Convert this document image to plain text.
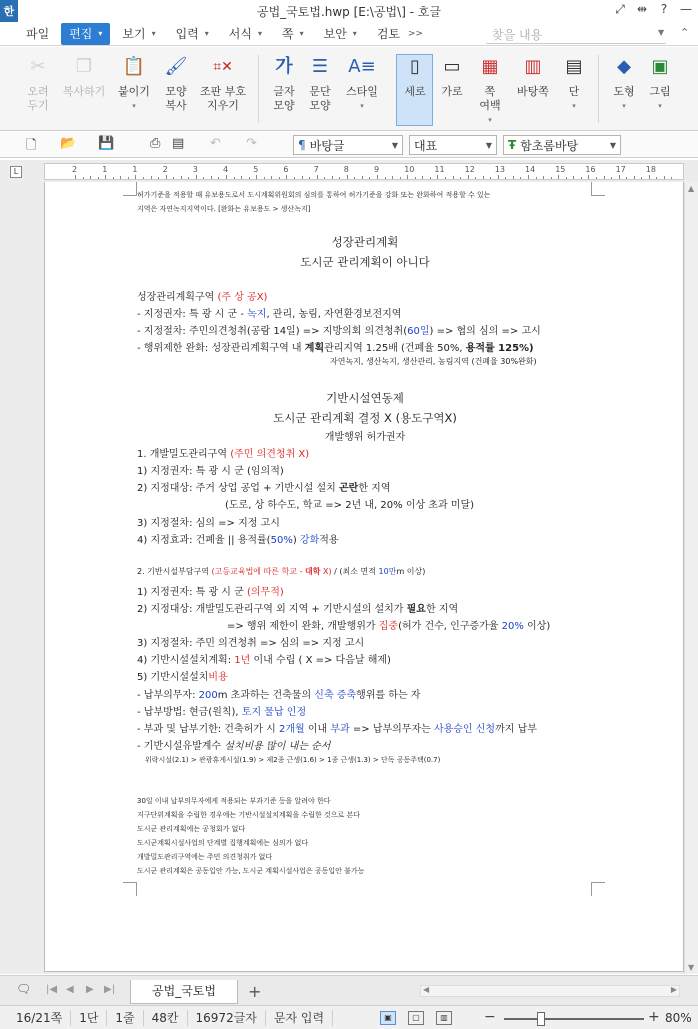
한	공법_국토법.hwp [E:\공법\] - 호글	⤢ ⇹ ? —
파일 편집 ▾ 보기 ▾ 입력 ▾ 서식 ▾ 쪽 ▾ 보안 ▾ 검토 >>	찾을 내용	▼ ⌃
✂
오려
두기
❐
복사하기
📋
붙이기
▾
🖌
모양
복사
⌗✕
조판 부호
지우기
가
글자
모양
☰
문단
모양
A≡
스타일
▾
▯
세로
▭
가로
▦
쪽
여백
▾
▥
바탕쪽
▤
단
▾
◆
도형
▾
▣
그림
▾
🗋 📂 💾	⎙ ▤ ↶ ↷	¶ 바탕글	▼ 대표	▼ Ŧ 함초롬바탕	▼
L	2	1	1	2	3	4	5	6	7	8	9	10	11	12	13	14	15	16	17	18
허가기준을 적용할 때 유보용도로서 도시계획위원회의 심의를 통하여 허가기준을 강화 또는 완화하여 적용할 수 있는
지역은 자연녹지지역이다. [완화는 유보용도 > 생산녹지]
성장관리계획
도시군 관리계획이 아니다
성장관리계획구역 (주 상 공X)
- 지정권자: 특 광 시 군 - 녹지, 관리, 농림, 자연환경보전지역
- 지정절차: 주민의견청취(공람 14일) => 지방의회 의견청취(60일) => 협의 심의 => 고시
- 행위제한 완화: 성장관리계획구역 내 계획관리지역 1.25배 (건폐율 50%, 용적률 125%)
자연녹지, 생산녹지, 생산관리, 농림지역 (건폐율 30%완화)
기반시설연동제
도시군 관리계획 결정 X (용도구역X)
개발행위 허가권자
1. 개발밀도관리구역 (주민 의견청취 X)
1) 지정권자: 특 광 시 군 (임의적)
2) 지정대상: 주거 상업 공업 + 기반시설 설치 곤란한 지역
(도로, 상 하수도, 학교 => 2년 내, 20% 이상 초과 미달)
3) 지정절차: 심의 => 지정 고시
4) 지정효과: 건폐율 || 용적률(50%) 강화적용
2. 기반시설부담구역 (고등교육법에 따른 학교 - 대학 X) / (최소 면적 10만m 이상)
1) 지정권자: 특 광 시 군 (의무적)
2) 지정대상: 개발밀도관리구역 외 지역 + 기반시설의 설치가 필요한 지역
=> 행위 제한이 완화, 개발행위가 집중(허가 건수, 인구증가율 20% 이상)
3) 지정절차: 주민 의견청취 => 심의 => 지정 고시
4) 기반시설설치계획: 1년 이내 수립 ( X => 다음날 해제)
5) 기반시설설치비용
- 납부의무자: 200m 초과하는 건축물의 신축 증축행위를 하는 자
- 납부방법: 현금(원칙), 토지 물납 인정
- 부과 및 납부기한: 건축허가 시 2개월 이내 부과 => 납부의무자는 사용승인 신청까지 납부
- 기반시설유발계수 설치비용 많이 내는 순서
위락시설(2.1) > 관광휴게시설(1.9) > 제2종 근생(1.6) > 1종 근생(1.3) > 단독 공동주택(0.7)
30일 이내 납부의무자에게 적용되는 부과기준 등을 알려야 한다
지구단위계획을 수립한 경우에는 기반시설설치계획을 수립한 것으로 본다
도시군 관리계획에는 공청회가 없다
도시군계획시설사업의 단계별 집행계획에는 심의가 없다
개발밀도관리구역에는 주민 의견청취가 없다
도시군 관리계획은 공동입안 가능, 도시군 계획시설사업은 공동입안 불가능
▲
▼
🗨 |◀ ◀ ▶ ▶|	공법_국토법	+	◀	▶
16/21쪽	1단	1줄	48칸	16972글자	문자 입력	▣	▢	▥	−	+ 80%
